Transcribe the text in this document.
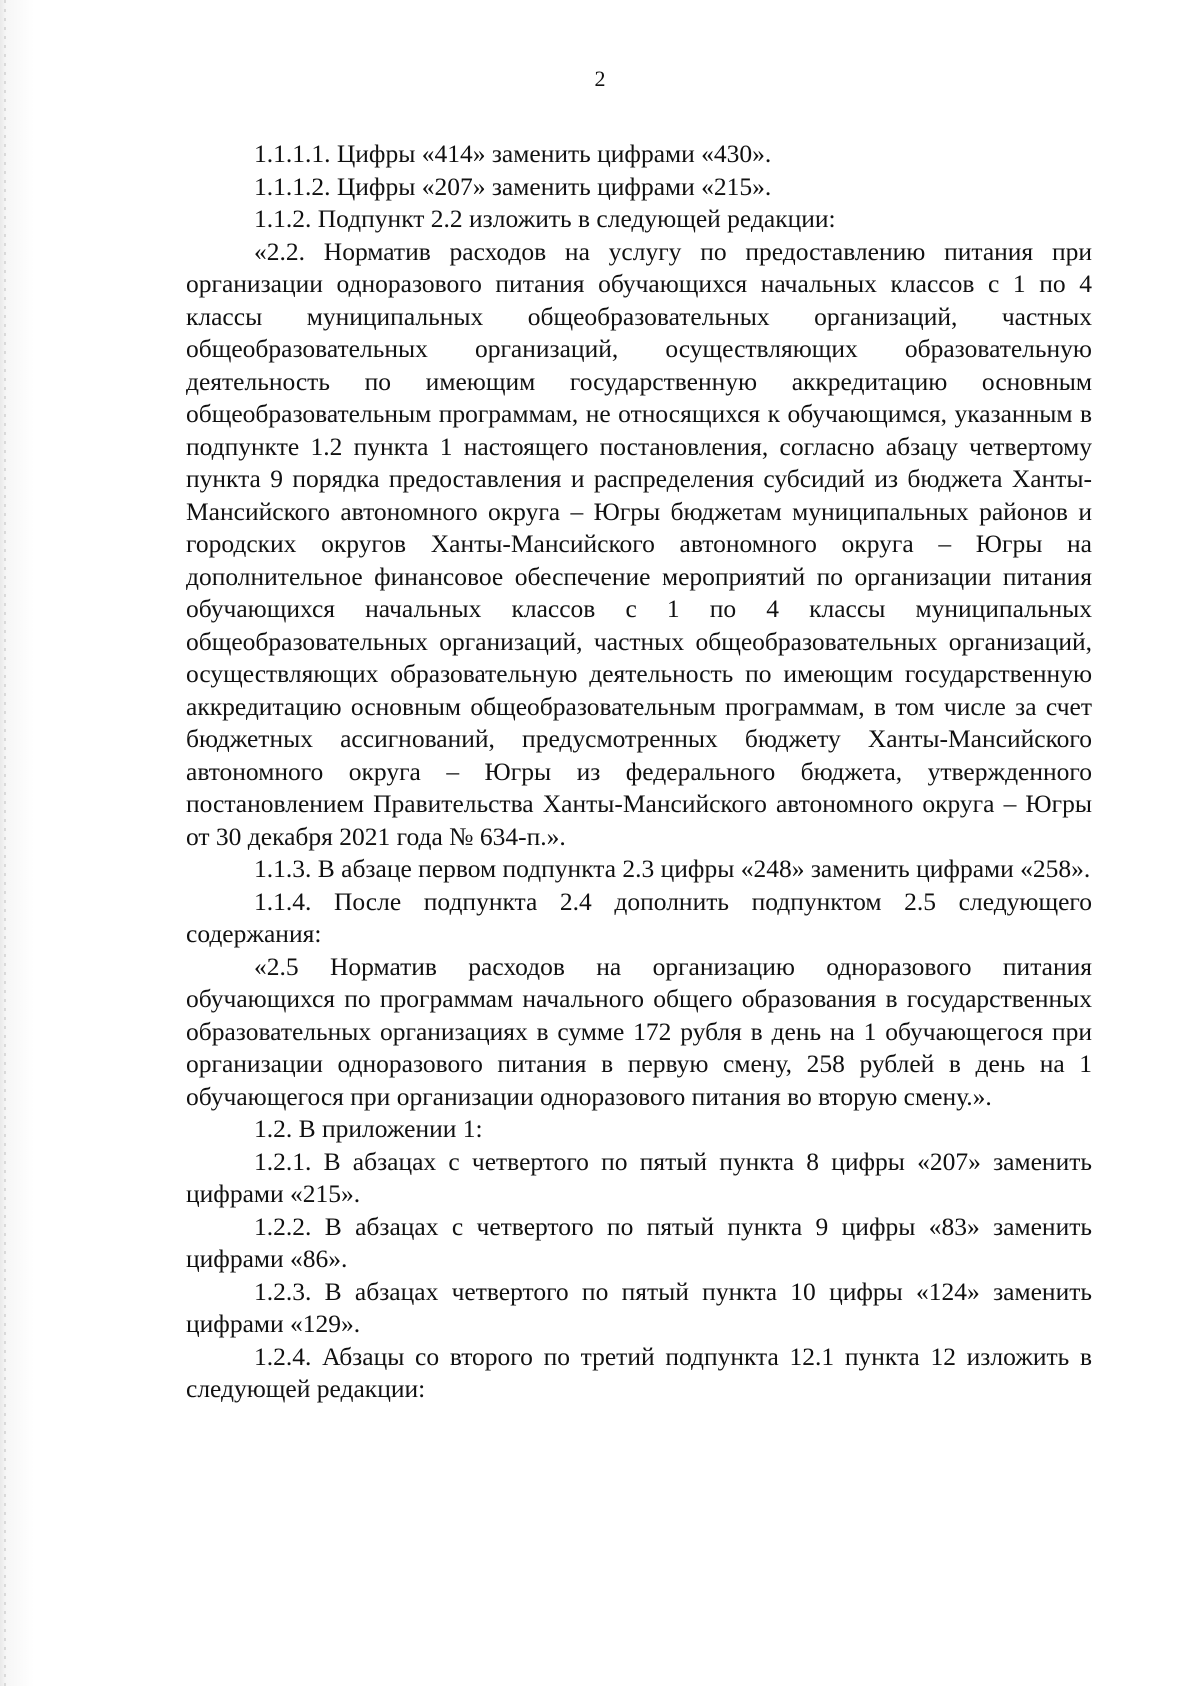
2

1.1.1.1. Цифры «414» заменить цифрами «430».

1.1.1.2. Цифры «207» заменить цифрами «215».

1.1.2. Подпункт 2.2 изложить в следующей редакции:

«2.2. Норматив расходов на услугу по предоставлению питания при организации одноразового питания обучающихся начальных классов с 1 по 4 классы муниципальных общеобразовательных организаций, частных общеобразовательных организаций, осуществляющих образовательную деятельность по имеющим государственную аккредитацию основным общеобразовательным программам, не относящихся к обучающимся, указанным в подпункте 1.2 пункта 1 настоящего постановления, согласно абзацу четвертому пункта 9 порядка предоставления и распределения субсидий из бюджета Ханты-Мансийского автономного округа – Югры бюджетам муниципальных районов и городских округов Ханты-Мансийского автономного округа – Югры на дополнительное финансовое обеспечение мероприятий по организации питания обучающихся начальных классов с 1 по 4 классы муниципальных общеобразовательных организаций, частных общеобразовательных организаций, осуществляющих образовательную деятельность по имеющим государственную аккредитацию основным общеобразовательным программам, в том числе за счет бюджетных ассигнований, предусмотренных бюджету Ханты-Мансийского автономного округа – Югры из федерального бюджета, утвержденного постановлением Правительства Ханты-Мансийского автономного округа – Югры от 30 декабря 2021 года № 634-п.».

1.1.3. В абзаце первом подпункта 2.3 цифры «248» заменить цифрами «258».

1.1.4. После подпункта 2.4 дополнить подпунктом 2.5 следующего содержания:

«2.5 Норматив расходов на организацию одноразового питания обучающихся по программам начального общего образования в государственных образовательных организациях в сумме 172 рубля в день на 1 обучающегося при организации одноразового питания в первую смену, 258 рублей в день на 1 обучающегося при организации одноразового питания во вторую смену.».

1.2. В приложении 1:

1.2.1. В абзацах с четвертого по пятый пункта 8 цифры «207» заменить цифрами «215».

1.2.2. В абзацах с четвертого по пятый пункта 9 цифры «83» заменить цифрами «86».

1.2.3. В абзацах четвертого по пятый пункта 10 цифры «124» заменить цифрами «129».

1.2.4. Абзацы со второго по третий подпункта 12.1 пункта 12 изложить в следующей редакции:
